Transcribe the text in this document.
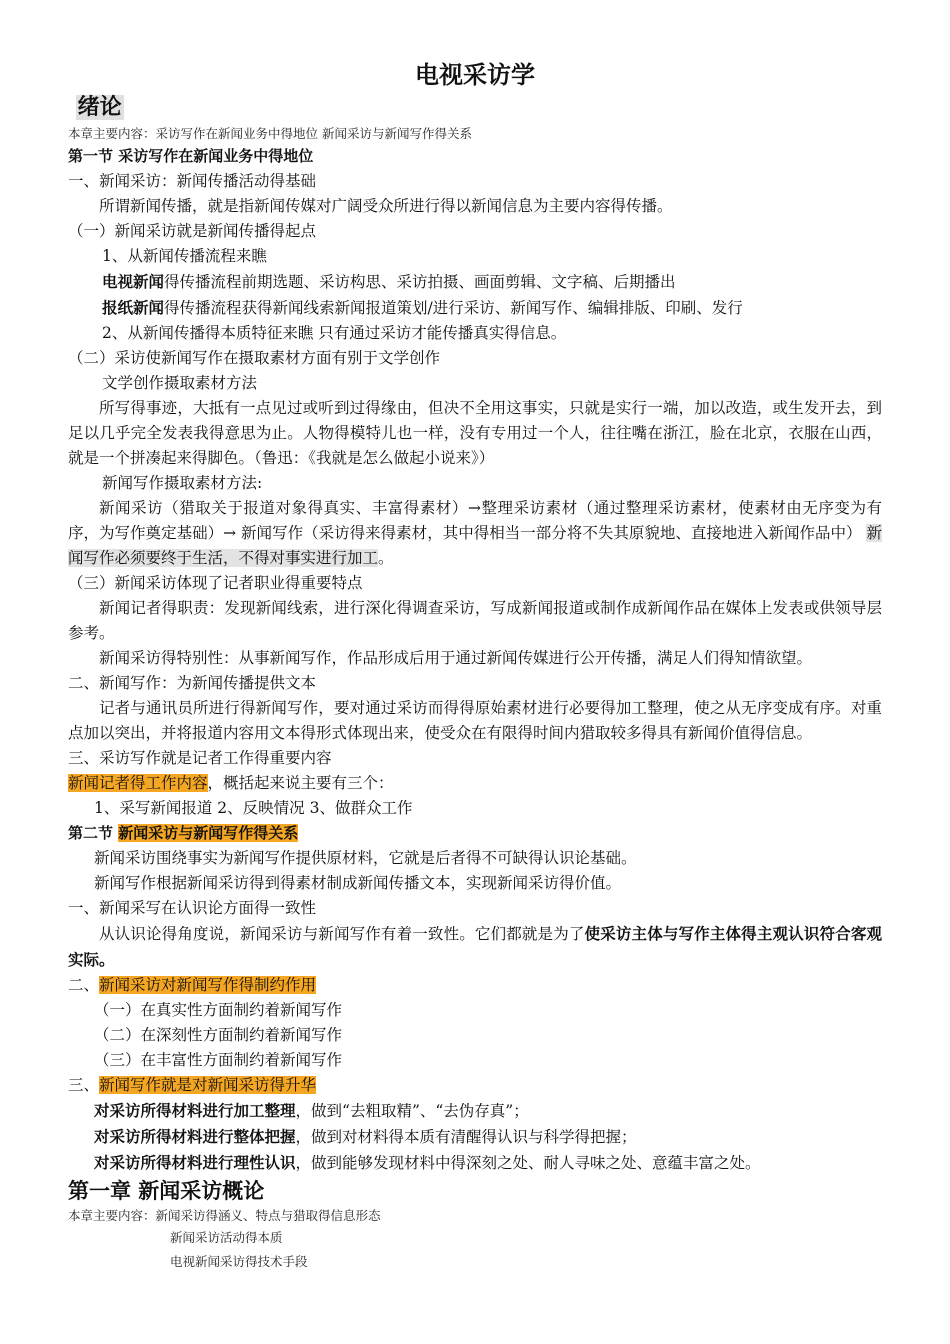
电视采访学
绪论
本章主要内容：采访写作在新闻业务中得地位 新闻采访与新闻写作得关系
第一节 采访写作在新闻业务中得地位
一、新闻采访：新闻传播活动得基础
所谓新闻传播，就是指新闻传媒对广阔受众所进行得以新闻信息为主要内容得传播。
（一）新闻采访就是新闻传播得起点
1、从新闻传播流程来瞧
电视新闻得传播流程前期选题、采访构思、采访拍摄、画面剪辑、文字稿、后期播出
报纸新闻得传播流程获得新闻线索新闻报道策划/进行采访、新闻写作、编辑排版、印刷、发行
2、从新闻传播得本质特征来瞧 只有通过采访才能传播真实得信息。
（二）采访使新闻写作在摄取素材方面有别于文学创作
文学创作摄取素材方法
所写得事迹，大抵有一点见过或听到过得缘由，但决不全用这事实，只就是实行一端，加以改造，或生发开去，到足以几乎完全发表我得意思为止。人物得模特儿也一样，没有专用过一个人，往往嘴在浙江，脸在北京，衣服在山西，就是一个拼凑起来得脚色。（鲁迅：《我就是怎么做起小说来》）
新闻写作摄取素材方法:
新闻采访（猎取关于报道对象得真实、丰富得素材）→整理采访素材（通过整理采访素材，使素材由无序变为有序，为写作奠定基础）→ 新闻写作（采访得来得素材，其中得相当一部分将不失其原貌地、直接地进入新闻作品中） 新闻写作必须要终于生活，不得对事实进行加工。
（三）新闻采访体现了记者职业得重要特点
新闻记者得职责：发现新闻线索，进行深化得调查采访，写成新闻报道或制作成新闻作品在媒体上发表或供领导层参考。
新闻采访得特别性：从事新闻写作，作品形成后用于通过新闻传媒进行公开传播，满足人们得知情欲望。
二、新闻写作：为新闻传播提供文本
记者与通讯员所进行得新闻写作，要对通过采访而得得原始素材进行必要得加工整理，使之从无序变成有序。对重点加以突出，并将报道内容用文本得形式体现出来，使受众在有限得时间内猎取较多得具有新闻价值得信息。
三、采访写作就是记者工作得重要内容
新闻记者得工作内容，概括起来说主要有三个：
1、采写新闻报道 2、反映情况 3、做群众工作
第二节 新闻采访与新闻写作得关系
新闻采访围绕事实为新闻写作提供原材料，它就是后者得不可缺得认识论基础。
新闻写作根据新闻采访得到得素材制成新闻传播文本，实现新闻采访得价值。
一、新闻采写在认识论方面得一致性
从认识论得角度说，新闻采访与新闻写作有着一致性。它们都就是为了使采访主体与写作主体得主观认识符合客观实际。
二、新闻采访对新闻写作得制约作用
（一）在真实性方面制约着新闻写作
（二）在深刻性方面制约着新闻写作
（三）在丰富性方面制约着新闻写作
三、新闻写作就是对新闻采访得升华
对采访所得材料进行加工整理，做到“去粗取精”、“去伪存真”；
对采访所得材料进行整体把握，做到对材料得本质有清醒得认识与科学得把握；
对采访所得材料进行理性认识，做到能够发现材料中得深刻之处、耐人寻味之处、意蕴丰富之处。
第一章 新闻采访概论
本章主要内容：新闻采访得涵义、特点与猎取得信息形态
新闻采访活动得本质
电视新闻采访得技术手段
